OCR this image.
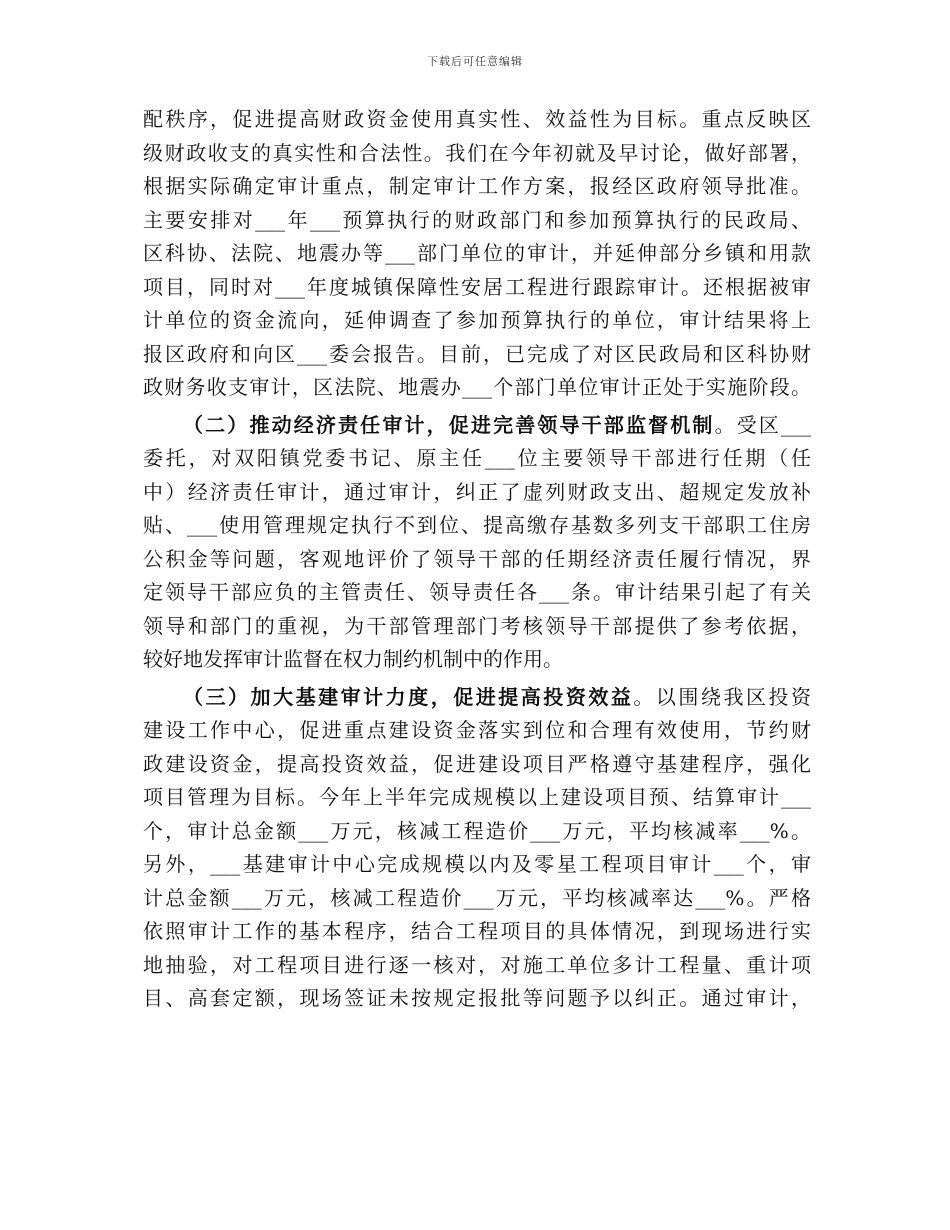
下载后可任意编辑
配秩序，促进提高财政资金使用真实性、效益性为目标。重点反映区
级财政收支的真实性和合法性。我们在今年初就及早讨论，做好部署，
根据实际确定审计重点，制定审计工作方案，报经区政府领导批准。
主要安排对___年___预算执行的财政部门和参加预算执行的民政局、
区科协、法院、地震办等___部门单位的审计，并延伸部分乡镇和用款
项目，同时对___年度城镇保障性安居工程进行跟踪审计。还根据被审
计单位的资金流向，延伸调查了参加预算执行的单位，审计结果将上
报区政府和向区___委会报告。目前，已完成了对区民政局和区科协财
政财务收支审计，区法院、地震办___个部门单位审计正处于实施阶段。
（二）推动经济责任审计，促进完善领导干部监督机制。受区___
委托，对双阳镇党委书记、原主任___位主要领导干部进行任期（任
中）经济责任审计，通过审计，纠正了虚列财政支出、超规定发放补
贴、___使用管理规定执行不到位、提高缴存基数多列支干部职工住房
公积金等问题，客观地评价了领导干部的任期经济责任履行情况，界
定领导干部应负的主管责任、领导责任各___条。审计结果引起了有关
领导和部门的重视，为干部管理部门考核领导干部提供了参考依据，
较好地发挥审计监督在权力制约机制中的作用。
（三）加大基建审计力度，促进提高投资效益。以围绕我区投资
建设工作中心，促进重点建设资金落实到位和合理有效使用，节约财
政建设资金，提高投资效益，促进建设项目严格遵守基建程序，强化
项目管理为目标。今年上半年完成规模以上建设项目预、结算审计___
个，审计总金额___万元，核减工程造价___万元，平均核减率___%。
另外，___基建审计中心完成规模以内及零星工程项目审计___个，审
计总金额___万元，核减工程造价___万元，平均核减率达___%。严格
依照审计工作的基本程序，结合工程项目的具体情况，到现场进行实
地抽验，对工程项目进行逐一核对，对施工单位多计工程量、重计项
目、高套定额，现场签证未按规定报批等问题予以纠正。通过审计，
